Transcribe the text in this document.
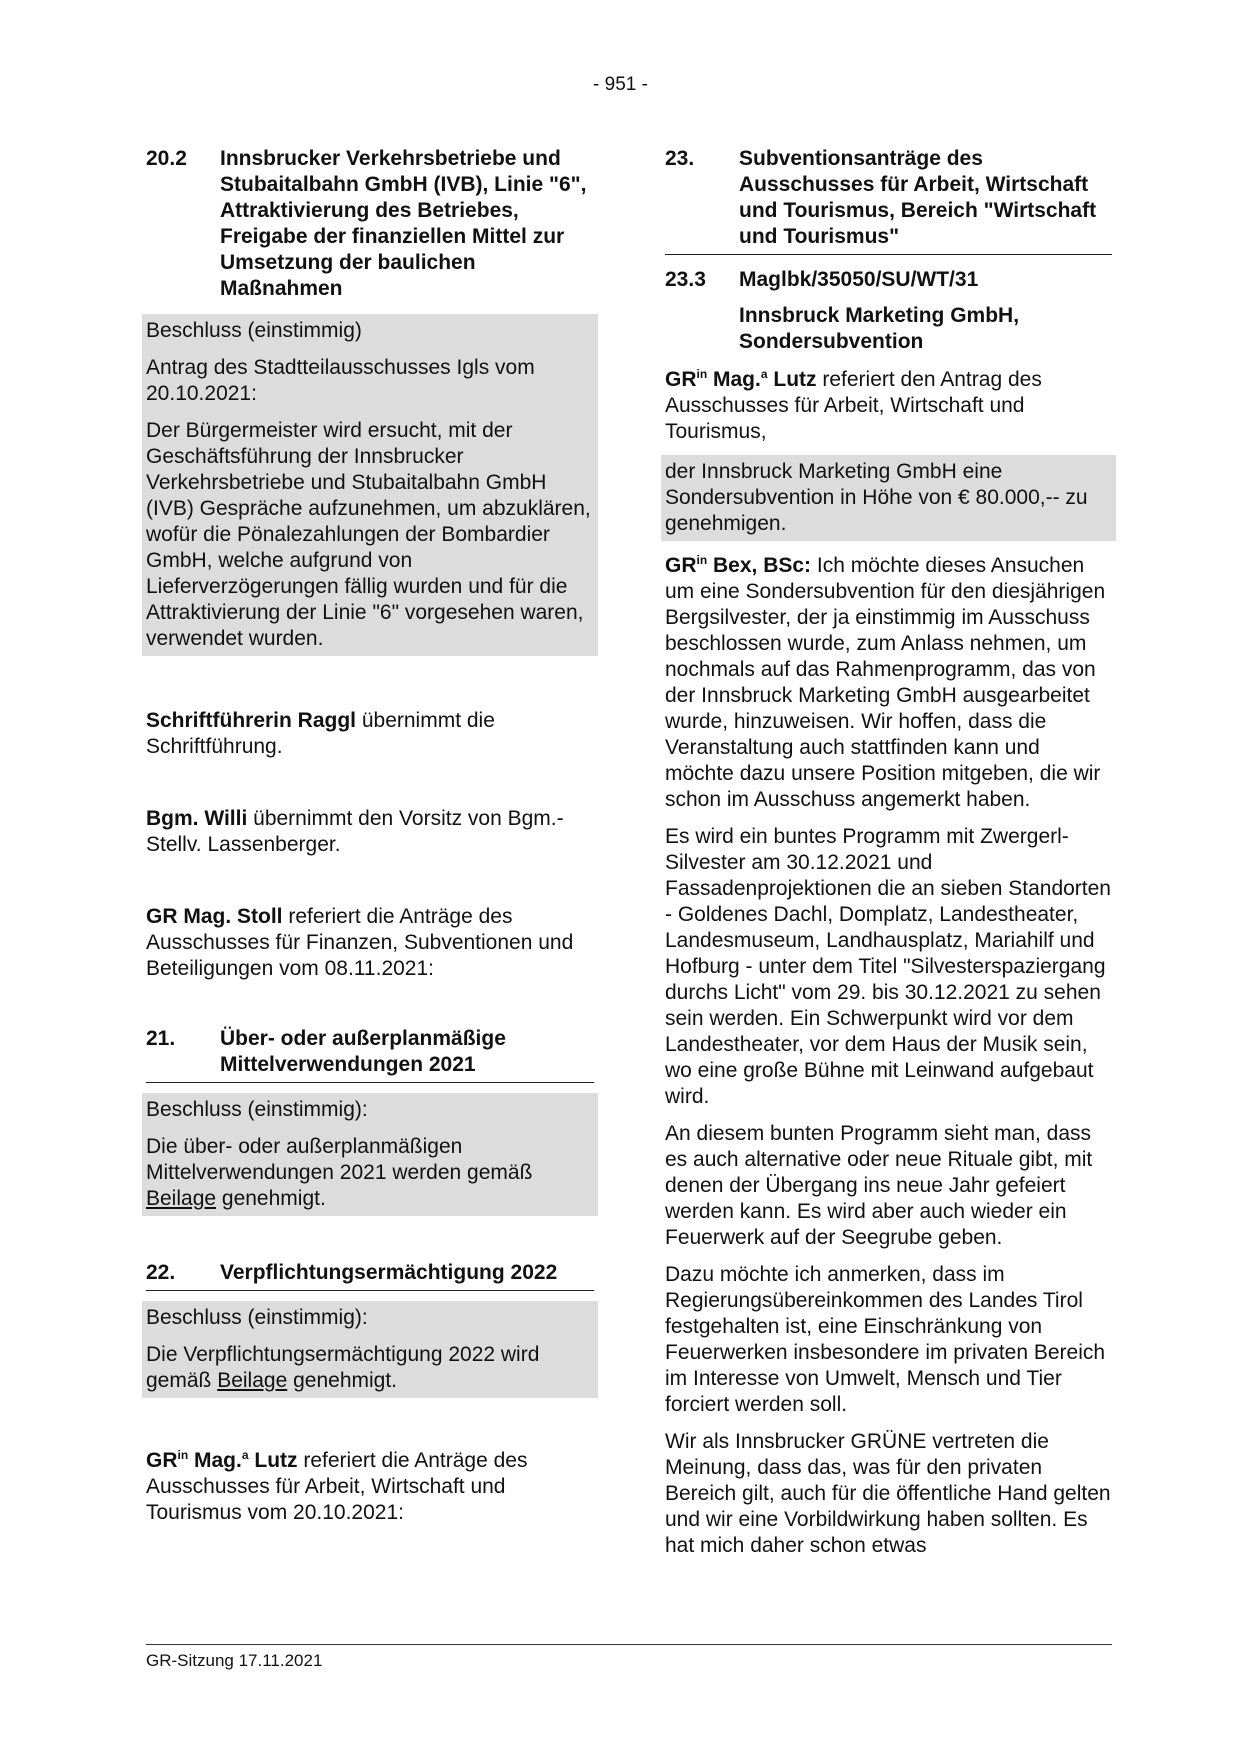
- 951 -
20.2	Innsbrucker Verkehrsbetriebe und Stubaitalbahn GmbH (IVB), Linie "6", Attraktivierung des Betriebes, Freigabe der finanziellen Mittel zur Umsetzung der baulichen Maßnahmen

Beschluss (einstimmig)

Antrag des Stadtteilausschusses Igls vom 20.10.2021:

Der Bürgermeister wird ersucht, mit der Geschäftsführung der Innsbrucker Verkehrsbetriebe und Stubaitalbahn GmbH (IVB) Gespräche aufzunehmen, um abzuklären, wofür die Pönalezahlungen der Bombardier GmbH, welche aufgrund von Lieferverzögerungen fällig wurden und für die Attraktivierung der Linie "6" vorgesehen waren, verwendet wurden.

Schriftführerin Raggl übernimmt die Schriftführung.

Bgm. Willi übernimmt den Vorsitz von Bgm.-Stellv. Lassenberger.

GR Mag. Stoll referiert die Anträge des Ausschusses für Finanzen, Subventionen und Beteiligungen vom 08.11.2021:

21.	Über- oder außerplanmäßige Mittelverwendungen 2021

Beschluss (einstimmig):

Die über- oder außerplanmäßigen Mittelverwendungen 2021 werden gemäß Beilage genehmigt.

22.	Verpflichtungsermächtigung 2022

Beschluss (einstimmig):

Die Verpflichtungsermächtigung 2022 wird gemäß Beilage genehmigt.

$GR^{in}$ Mag.$^a$ Lutz referiert die Anträge des Ausschusses für Arbeit, Wirtschaft und Tourismus vom 20.10.2021:

23.	Subventionsanträge des Ausschusses für Arbeit, Wirtschaft und Tourismus, Bereich "Wirtschaft und Tourismus"
23.3	Maglbk/35050/SU/WT/31
Innsbruck Marketing GmbH, Sondersubvention

$GR^{in}$ Mag.$^a$ Lutz referiert den Antrag des Ausschusses für Arbeit, Wirtschaft und Tourismus,

der Innsbruck Marketing GmbH eine Sondersubvention in Höhe von € 80.000,-- zu genehmigen.

$GR^{in}$ Bex, BSc: Ich möchte dieses Ansuchen um eine Sondersubvention für den diesjährigen Bergsilvester, der ja einstimmig im Ausschuss beschlossen wurde, zum Anlass nehmen, um nochmals auf das Rahmenprogramm, das von der Innsbruck Marketing GmbH ausgearbeitet wurde, hinzuweisen. Wir hoffen, dass die Veranstaltung auch stattfinden kann und möchte dazu unsere Position mitgeben, die wir schon im Ausschuss angemerkt haben.

Es wird ein buntes Programm mit Zwergerl-Silvester am 30.12.2021 und Fassadenprojektionen die an sieben Standorten - Goldenes Dachl, Domplatz, Landestheater, Landesmuseum, Landhausplatz, Mariahilf und Hofburg - unter dem Titel "Silvesterspaziergang durchs Licht" vom 29. bis 30.12.2021 zu sehen sein werden. Ein Schwerpunkt wird vor dem Landestheater, vor dem Haus der Musik sein, wo eine große Bühne mit Leinwand aufgebaut wird.

An diesem bunten Programm sieht man, dass es auch alternative oder neue Rituale gibt, mit denen der Übergang ins neue Jahr gefeiert werden kann. Es wird aber auch wieder ein Feuerwerk auf der Seegrube geben.

Dazu möchte ich anmerken, dass im Regierungsübereinkommen des Landes Tirol festgehalten ist, eine Einschränkung von Feuerwerken insbesondere im privaten Bereich im Interesse von Umwelt, Mensch und Tier forciert werden soll.

Wir als Innsbrucker GRÜNE vertreten die Meinung, dass das, was für den privaten Bereich gilt, auch für die öffentliche Hand gelten und wir eine Vorbildwirkung haben sollten. Es hat mich daher schon etwas

GR-Sitzung 17.11.2021
